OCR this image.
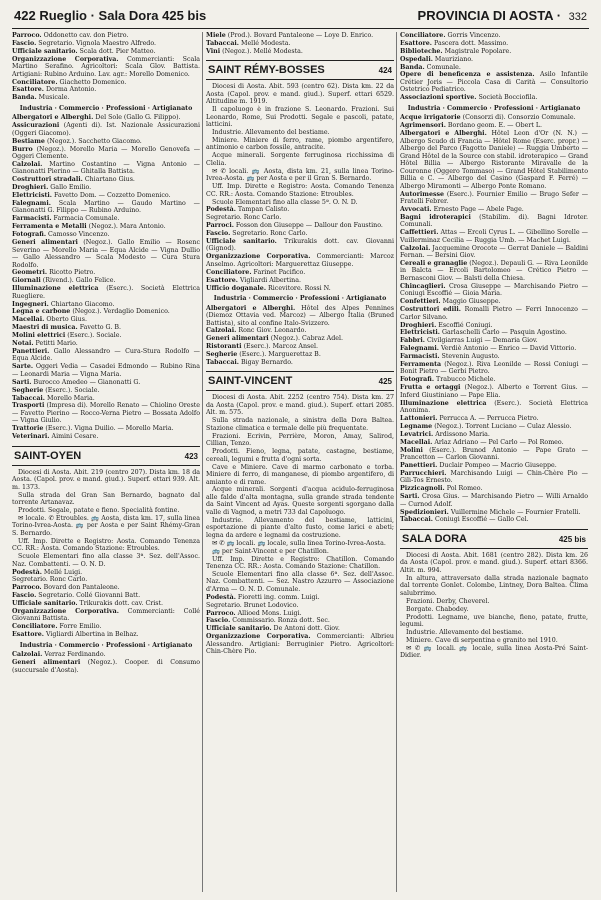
422 Rueglio · Sala Dora 425 bis	PROVINCIA DI AOSTA · 332

Parroco. Oddonetto cav. don Pietro.

Fascio. Segretario. Vignola Maestro Alfredo.

Ufficiale sanitario. Scala dott. Pier Matteo.

Organizzazione Corporativa. Commercianti: Scala Martino Serafino. Agricoltori: Scala Glov. Battista. Artigiani: Rubino Arduino. Lav. agr.: Morello Domenico.

Conciliatore. Giachetto Domenico.

Esattore. Dorma Antonio.

Banda. Musicale.

Industria · Commercio · Professioni · Artigianato

Albergatori e Alberghi. Del Sole (Gallo G. Filippo).

Assicurazioni (Agenti di). Ist. Nazionale Assicurazioni (Oggeri Giacomo).

Bestiame (Negoz.). Sacchetto Giacomo.

Burro (Negoz.). Morello Maria — Morello Genovefa — Oggeri Clemente.

Calzolai. Martino Costantino — Vigna Antonio — Gianonatti Pierino — Ghitalla Battista.

Costruttori stradali. Chiartano Gius.

Droghieri. Gallo Emilio.

Elettricisti. Favetto Dom. — Cozzetto Domenico.

Falegnami. Scala Martino — Gaudo Martino — Gianonatti G. Filippo — Rubino Arduino.

Farmacisti. Farmacia Comunale.

Ferramenta e Metalli (Negoz.). Mara Antonio.

Fotografi. Camosso Vincenzo.

Generi alimentari (Negoz.). Gallo Emilio — Rosenc Severino — Morello Maria — Equa Alcide — Vigna Dullio — Gallo Alessandro — Scala Modesto — Cura Stura Rodolfo.

Geometri. Ricotto Pietro.

Giornali (Rivend.). Gallo Felice.

Illuminazione elettrica (Eserc.). Società Elettrica Rueglierе.

Ingegneri. Chiartano Giacomo.

Legna e carbone (Negoz.). Verdaglio Domenico.

Macellai. Oberto Gius.

Maestri di musica. Favetto G. B.

Molini elettrici (Eserc.). Sociale.

Notai. Petitti Mario.

Panettieri. Gallo Alessandro — Cura-Stura Rodolfo — Equa Alcide.

Sarte. Oggeri Vedia — Casadei Edmondo — Rubino Rina — Leonardi Maria — Vigna Maria.

Sarti. Burocco Amedeo — Gianonatti G.

Segherie (Eserc.). Sociale.

Tabaccai. Morello Maria.

Trasporti (Impresa di). Morello Renato — Chiolino Oreste — Favetto Pierino — Rocco-Verna Pietro — Bossata Adolfo — Vigna Giulio.

Trattorie (Eserc.). Vigna Duilio. — Morello Maria.

Veterinari. Aimini Cesare.

SAINT-OYEN	423

Diocesi di Aosta. Abit. 219 (centro 207). Dista km. 18 da Aosta. (Capol. prov. e mand. giud.). Superf. ettari 939. Alt. m. 1373.

Sulla strada del Gran San Bernardo, bagnato dal torrente Artanavaz.

Prodotti. Segale, patate e fieno. Specialità fontine.

✉ locale. ✆ Etroubles. 🚌 Aosta, dista km. 17, sulla linea Torino-Ivrea-Aosta. 🚌 per Aosta e per Saint Rhémy-Gran S. Bernardo.

Uff. Imp. Dirette e Registro: Aosta. Comando Tenenza CC. RR.: Aosta. Comando Stazione: Etroubles.

Scuole Elementari fino alla classe 3ª. Sez. dell'Assoc. Naz. Combattenti. — O. N. D.

Podestà. Mellé Luigi.

Segretario. Ronc Carlo.

Parroco. Bovard don Pantaleone.

Fascio. Segretario. Collé Giovanni Batt.

Ufficiale sanitario. Trikurakis dott. cav. Crist.

Organizzazione Corporativa. Commercianti: Collé Giovanni Battista.

Conciliatore. Forre Emilio.

Esattore. Vigliardi Albertina in Belhaz.

Industria · Commercio · Professioni · Artigianato

Calzolai. Verraz Ferdinando.

Generi alimentari (Negoz.). Cooper. di Consumo (succursale d'Aosta).

Miele (Prod.). Bovard Pantaleone — Loye D. Enrico.

Tabaccai. Mellé Modesta.

Vini (Negoz.). Mellé Modesta.

SAINT RÉMY-BOSSES	424

Diocesi di Aosta. Abit. 593 (centro 62). Dista km. 22 da Aosta (Capol. prov. e mand. giud.). Superf. ettari 6529. Altitudine m. 1919.

Il capoluogo è in frazione S. Leonardo. Frazioni. Sui Leonardo, Rome, Sui Prodotti. Segale e pascoli, patate, latticini.

Industrie. Allevamento del bestiame.

Miniere. Miniere di ferro, rame, piombo argentifero, antimonio e carbon fossile, antracite.

Acque minerali. Sorgente ferruginosa ricchissima di Clelia.

✉ ✆ locali. 🚌 Aosta, dista km. 21, sulla linea Torino-Ivrea-Aosta. 🚌 per Aosta e per il Gran S. Bernardo.

Uff. Imp. Dirette e Registro: Aosta. Comando Tenenza CC. RR.: Aosta. Comando Stazione: Etroubles.

Scuole Elementari fino alla classe 5ª. O. N. D.

Podestà. Tampan Calisto.

Segretario. Ronc Carlo.

Parroci. Fosson don Giuseppe — Dallour don Faustino.

Fascio. Segretario. Ronc Carlo.

Ufficiale sanitario. Trikurakis dott. cav. Giovanni (Gignod).

Organizzazione Corporativa. Commercianti: Marcoz Anselmo. Agricoltori: Marguerettaz Giuseppe.

Conciliatore. Farinet Pacifico.

Esattore. Vigliardi Albertina.

Ufficio doganale. Ricevitore. Rossi N.

Industria · Commercio · Professioni · Artigianato

Albergatori e Alberghi. Hôtel des Alpes Pennines (Diemoz Ottavia ved. Marcoz) — Albergo Italia (Bruned Battista), sito al confine Italo-Svizzero.

Calzolai. Ronc Giov. Leonardo.

Generi alimentari (Negoz.). Cabraz Adel.

Ristoranti (Eserc.). Marcoz Ansel.

Segherie (Eserc.). Marguerettaz B.

Tabaccai. Bigay Bernardo.

SAINT-VINCENT	425

Diocesi di Aosta. Abit. 2252 (centro 754). Dista km. 27 da Aosta (Capol. prov. e mand. giud.). Superf. ettari 2085. Alt. m. 575.

Sulla strada nazionale, a sinistra della Dora Baltea. Stazione climatica e termale delle più frequentate.

Frazioni. Ecrivin, Perrière, Moron, Amay, Salirod, Cillian, Tenzo.

Prodotti. Fieno, legna, patate, castagne, bestiame, cereali, legumi e frutta d'ogni sorta.

Cave e Miniere. Cave di marmo carbonato e torba. Miniere di ferro, di manganese, di piombo argentifero, di amianto e di rame.

Acque minerali. Sorgenti d'acqua acidulo-ferruginosa alle falde d'alta montagna, sulla grande strada tendente da Saint Vincent ad Ayas. Queste sorgenti sgorgano dalla valle di Vagnod, a metri 733 dal Capoluogo.

Industrie. Allevamento del bestiame, latticini, esportazione di piante d'alto fusto, come larici e abeti; legna da ardere e legnami da costruzione.

✉ ✆ 🚌 locali. 🚌 locale, sulla linea Torino-Ivrea-Aosta.

🚌 per Saint-Vincent e per Chatillon.

Uff. Imp. Dirette e Registro: Chatillon. Comando Tenenza CC. RR.: Aosta. Comando Stazione: Chatillon.

Scuole Elementari fino alla classe 6ª. Sez. dell'Assoc. Naz. Combattenti. — Sez. Nastro Azzurro — Associazione d'Arma — O. N. D. Comunale.

Podestà. Fioretti ing. comm. Luigi.

Segretario. Brunet Lodovico.

Parroco. Allioed Mons. Luigi.

Fascio. Commissario. Ronza dott. Sec.

Ufficiale sanitario. De Antoni dott. Giov.

Organizzazione Corporativa. Commercianti: Albrieu Alessandro. Artigiani: Berruginier Pietro. Agricoltori: Chin-Chère Pio.

Conciliatore. Gorris Vincenzo.

Esattore. Pascera dott. Massimo.

Biblioteche. Magistrale Popolare.

Ospedali. Mauriziano.

Banda. Comunale.

Opere di beneficenza e assistenza. Asilo Infantile Crétier Joris — Piccola Casa di Carità — Consultorio Ostetrico Pediatrico.

Associazioni sportive. Società Bocciofila.

Industria · Commercio · Professioni · Artigianato

Acque irrigatorie (Consorzi di). Consorzio Comunale.

Agrimensori. Bordano geom. E. — Obert L.

Albergatori e Alberghi. Hôtel Leon d'Or (N. N.) — Albergo Scudo di Francia — Hôtel Rome (Eserc. propr.) — Albergo del Parco (Fagotto Daniele) — Ruggia Umberto — Grand Hôtel de la Source con stabil. idroterapico — Grand Hôtel Billia — Albergo Ristorante Miravalle de la Couronne (Oggero Tommaso) — Grand Hôtel Stabilimento Billia e C. — Albergo del Casino (Gaspard F. Ferré) — Albergo Miramonti — Albergo Ponte Romano.

Autorimesse (Eserc.). Fournier Emilio — Brugo Sefer — Fratelli Febrer.

Avvocati. Ernesto Page — Abele Page.

Bagni idroterapici (Stabilim. di). Bagni Idroter. Comunali.

Caffettieri. Attas — Ercoli Cyrus L. — Gibellino Sorelle — Vuillerminaz Cecilia — Ruggia Umb. — Machet Luigi.

Calzolai. Jacquemine Orocote — Gerrat Daniele — Baldini Fernan. — Bersini Giov.

Cereali e granaglie (Negoz.). Depauli G. — Riva Leonilde in Balcta — Ercoli Bartolomeo — Crético Pietro — Bernasconi Giov. — Balsti della Chiesa.

Chincaglieri. Crosa Giuseppe — Marchisando Pietro — Coniugi Escoffié — Gioia Maria.

Confettieri. Maggio Giuseppe.

Costruttori edili. Romalli Pietro — Ferri Innocenzo — Carlor Silvano.

Droghieri. Escoffié Coniugi.

Elettricisti. Garlaschelli Carlo — Pasquin Agostino.

Fabbri. Civilgiarras Luigi — Demaria Giov.

Falegnami. Verdiè Antonio — Enrico — David Vittorio.

Farmacisti. Stevenin Augusto.

Ferramenta (Negoz.). Riva Leonilde — Rossi Coniugi — Bonit Pietro — Gerbi Pietro.

Fotografi. Trabucco Michele.

Frutta e ortaggi (Negoz.). Alberto e Torrent Gius. — Inferd Giustiniano — Pape Elia.

Illuminazione elettrica (Eserc.). Società Elettrica Anonima.

Lattonieri. Perrucca A. — Perrucca Pietro.

Legname (Negoz.). Torrent Luciano — Culaz Alessio.

Levatrici. Ardissono Maria.

Macellai. Arlaz Adriano — Pel Carlo — Pol Romeo.

Molini (Eserc.). Brunod Antonio — Pape Grato — Prancetton — Carlon Giovanni.

Panettieri. Duclair Pompeo — Macrio Giuseppe.

Parrucchieri. Marchisando Luigi — Chin-Chère Pio — Gili-Tos Ernesto.

Pizzicagnoli. Pol Romeo.

Sarti. Crosa Gius. — Marchisando Pietro — Willi Arnaldo — Curnod Adolf.

Spedizionieri. Vuillermine Michele — Fournier Fratelli.

Tabaccai. Coniugi Escoffié — Gallo Cel.

SALA DORA	425 bis

Diocesi di Aosta. Abit. 1681 (centro 282). Dista km. 26 da Aosta (Capol. prov. e mand. giud.). Superf. ettari 8366. Altit. m. 994.

In altura, attraversato dalla strada nazionale bagnato dal torrente Gonlet. Colombe, Lintney, Dora Baltea. Clima salubrrimo.

Frazioni. Derby, Cheverel.

Borgate. Chabodey.

Prodotti. Legname, uve bianche, fieno, patate, frutte, legumi.

Industrie. Allevamento del bestiame.

Miniere. Cave di serpentina e granito nel 1910.

✉ ✆ 🚌 locali. 🚌 locale, sulla linea Aosta-Pré Saint-Didier.
